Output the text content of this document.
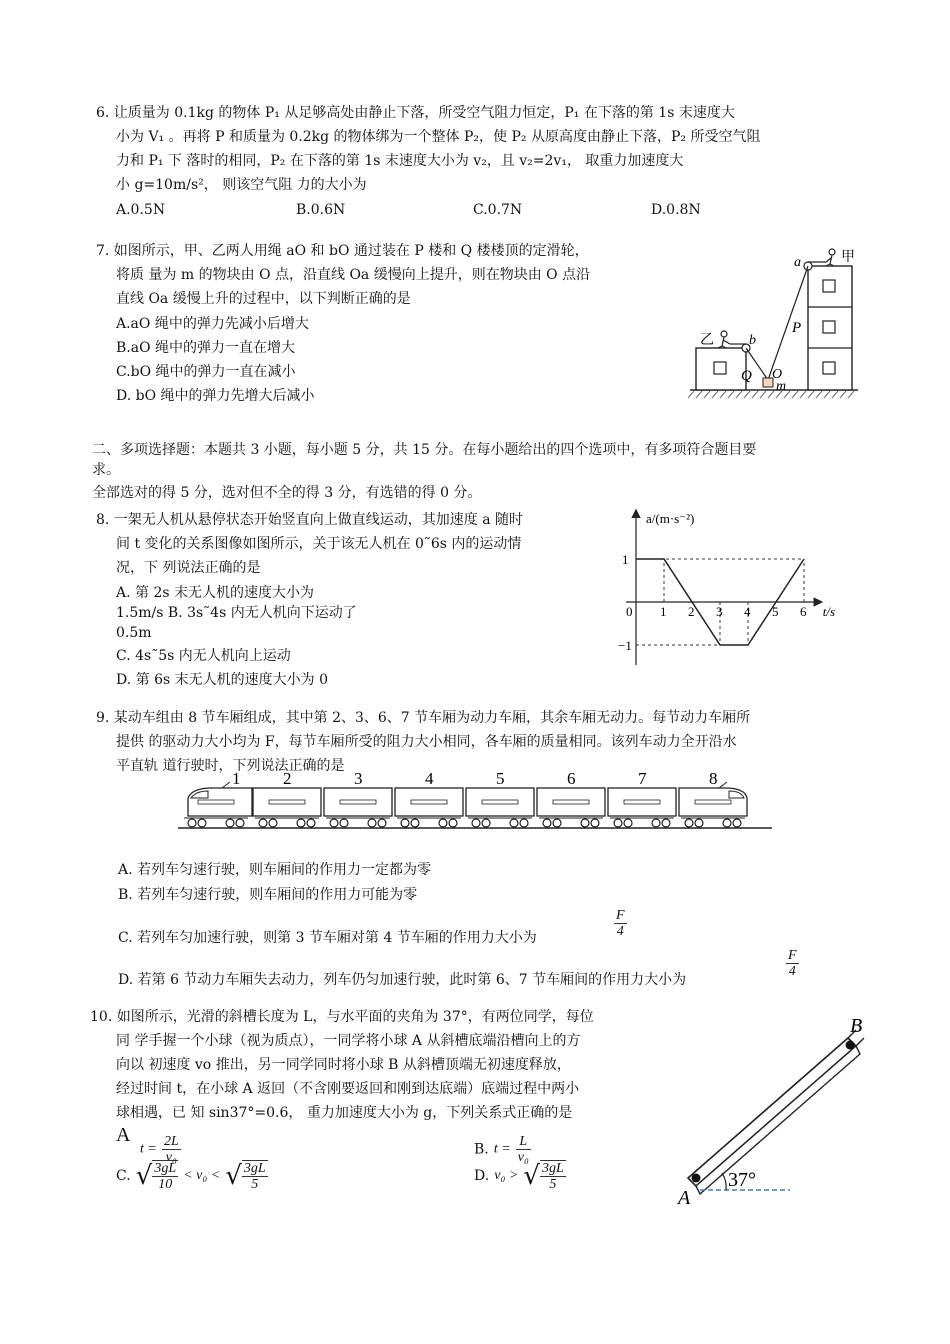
6. 让质量为 0.1kg 的物体 P₁ 从足够高处由静止下落，所受空气阻力恒定，P₁ 在下落的第 1s 末速度大
小为 V₁ 。再将 P 和质量为 0.2kg 的物体绑为一个整体 P₂，使 P₂ 从原高度由静止下落，P₂ 所受空气阻
力和 P₁ 下 落时的相同，P₂ 在下落的第 1s 末速度大小为 v₂，且 v₂=2v₁， 取重力加速度大
小 g=10m/s²， 则该空气阻 力的大小为
A.0.5N	B.0.6N	C.0.7N	D.0.8N
7. 如图所示，甲、乙两人用绳 aO 和 bO 通过装在 P 楼和 Q 楼楼顶的定滑轮，
将质 量为 m 的物块由 O 点，沿直线 Oa 缓慢向上提升，则在物块由 O 点沿
直线 Oa 缓慢上升的过程中，以下判断正确的是
A.aO 绳中的弹力先减小后增大
B.aO 绳中的弹力一直在增大
C.bO 绳中的弹力一直在减小
D. bO 绳中的弹力先增大后减小
甲
乙
a
b
P
Q O
m
二、多项选择题：本题共 3 小题，每小题 5 分，共 15 分。在每小题给出的四个选项中，有多项符合题目要
求。
全部选对的得 5 分，选对但不全的得 3 分，有选错的得 0 分。
8. 一架无人机从悬停状态开始竖直向上做直线运动，其加速度 a 随时
间 t 变化的关系图像如图所示，关于该无人机在 0˜6s 内的运动情
况，下 列说法正确的是
A. 第 2s 末无人机的速度大小为
1.5m/s B. 3s˜4s 内无人机向下运动了
0.5m
C. 4s˜5s 内无人机向上运动
D. 第 6s 末无人机的速度大小为 0
0 1 2 3 4 5 6
1
−1
a/(m·s⁻²)
t/s
9. 某动车组由 8 节车厢组成，其中第 2、3、6、7 节车厢为动力车厢，其余车厢无动力。每节动力车厢所
提供 的驱动力大小均为 F，每节车厢所受的阻力大小相同，各车厢的质量相同。该列车动力全开沿水
平直轨 道行驶时，下列说法正确的是
1	2	3	4	5	6	7	8
A. 若列车匀速行驶，则车厢间的作用力一定都为零
B. 若列车匀速行驶，则车厢间的作用力可能为零
C. 若列车匀加速行驶，则第 3 节车厢对第 4 节车厢的作用力大小为	$\frac{F}{4}$
D. 若第 6 节动力车厢失去动力，列车仍匀加速行驶，此时第 6、7 节车厢间的作用力大小为
$\frac{F}{4}$
10. 如图所示，光滑的斜槽长度为 L，与水平面的夹角为 37°，有两位同学，每位
同 学手握一个小球（视为质点），一同学将小球 A 从斜槽底端沿槽向上的方
向以 初速度 vo 推出，另一同学同时将小球 B 从斜槽顶端无初速度释放，
经过时间 t，在小球 A 返回（不含刚要返回和刚到达底端）底端过程中两小
球相遇，已 知 sin37°=0.6， 重力加速度大小为 g，下列关系式正确的是
A
$t = \frac{2L}{\text{v₀}}$
C. √ $\frac{3gL}{10} < v_0$ < √ $\frac{3gL}{5}$
B. $t = \frac{L}{\text{v₀}}$
D. v₀ > √ $\frac{3gL}{5}$	37°
A
B
